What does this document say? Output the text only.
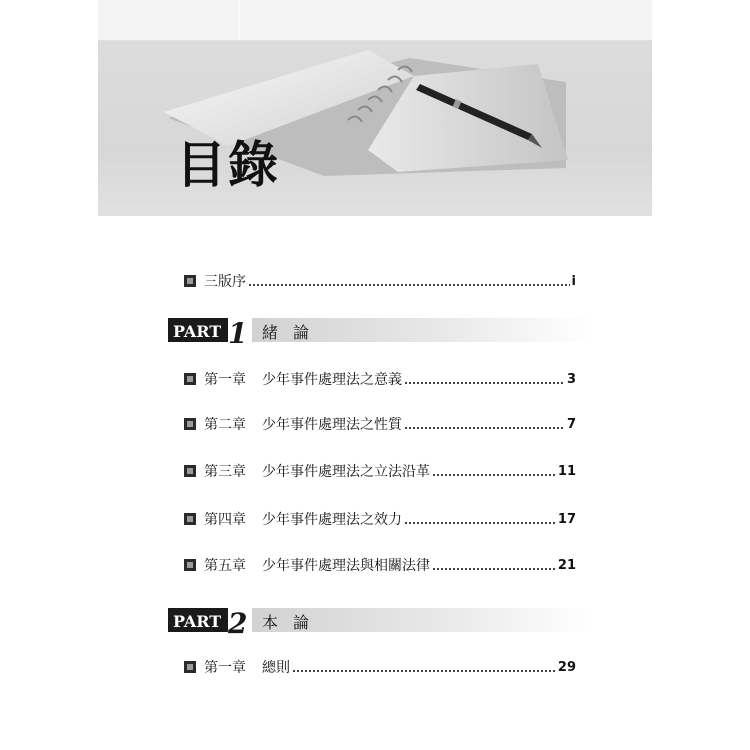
目錄
三版序	i
PART 1 緒論
第一章 少年事件處理法之意義	3
第二章 少年事件處理法之性質	7
第三章 少年事件處理法之立法沿革	11
第四章 少年事件處理法之效力	17
第五章 少年事件處理法與相關法律	21
PART 2 本論
第一章 總則	29
